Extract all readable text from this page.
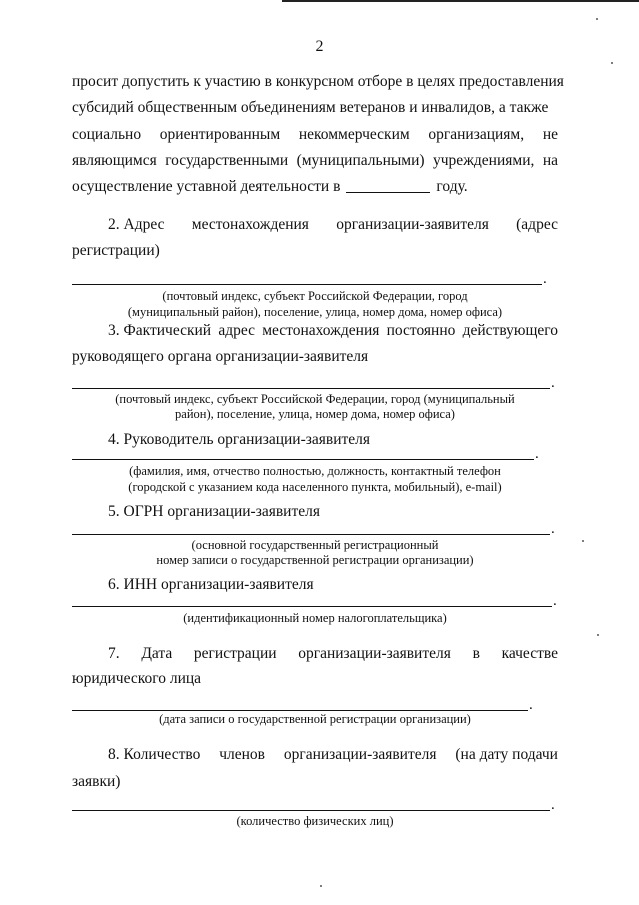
2
просит допустить к участию в конкурсном отборе в целях предоставления
субсидий общественным объединениям ветеранов и инвалидов, а также
социально ориентированным некоммерческим организациям, не
являющимся государственными (муниципальными) учреждениями, на
осуществление уставной деятельности в	году.
2. Адрес местонахождения организации-заявителя (адрес
регистрации)
.
(почтовый индекс, субъект Российской Федерации, город
(муниципальный район), поселение, улица, номер дома, номер офиса)
3. Фактический адрес местонахождения постоянно действующего
руководящего органа организации-заявителя
.
(почтовый индекс, субъект Российской Федерации, город (муниципальный
район), поселение, улица, номер дома, номер офиса)
4. Руководитель организации-заявителя
.
(фамилия, имя, отчество полностью, должность, контактный телефон
(городской с указанием кода населенного пункта, мобильный), e-mail)
5. ОГРН организации-заявителя
.
(основной государственный регистрационный
номер записи о государственной регистрации организации)
6. ИНН организации-заявителя
.
(идентификационный номер налогоплательщика)
7. Дата регистрации организации-заявителя в качестве
юридического лица
.
(дата записи о государственной регистрации организации)
8. Количество членов организации-заявителя (на дату подачи
заявки)
.
(количество физических лиц)
